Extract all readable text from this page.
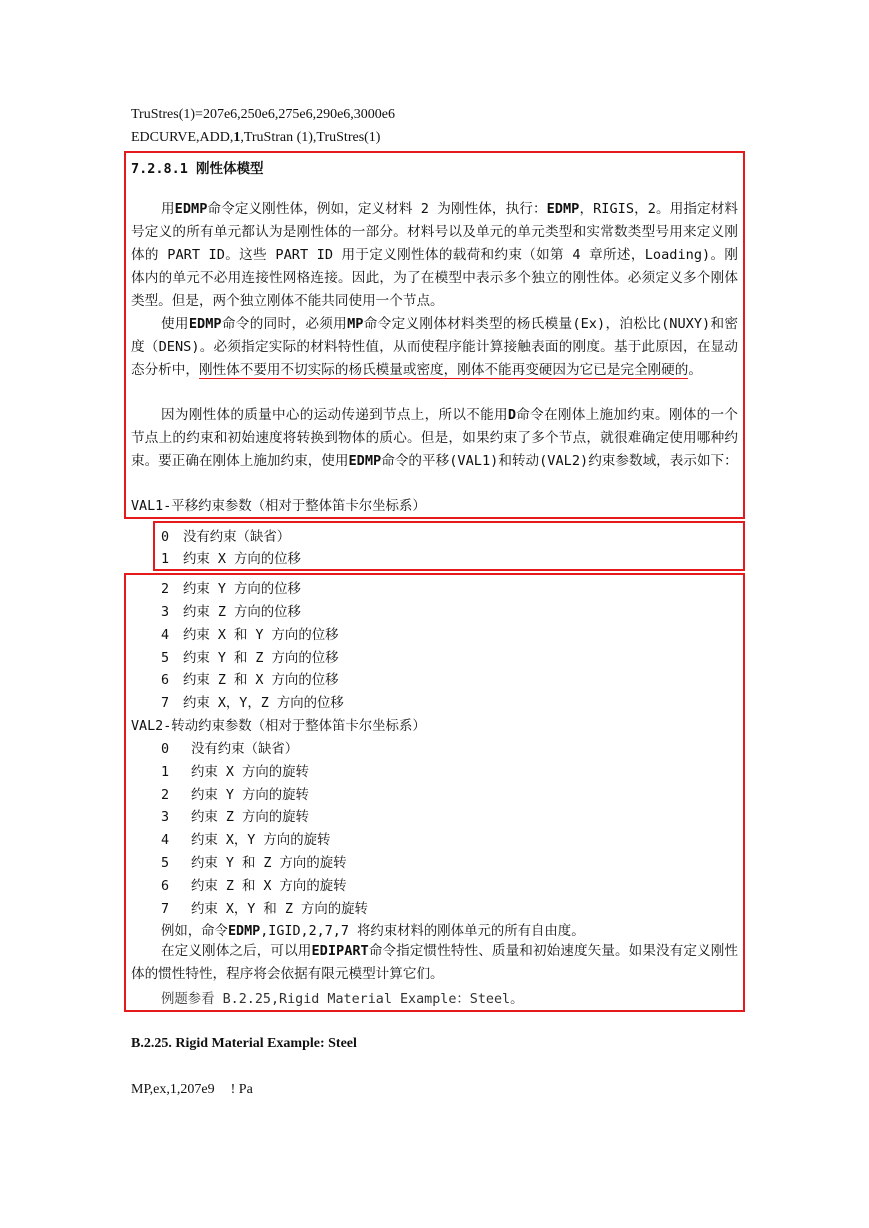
TruStres(1)=207e6,250e6,275e6,290e6,3000e6
EDCURVE,ADD,1,TruStran (1),TruStres(1)
7.2.8.1 刚性体模型
用EDMP命令定义刚性体，例如，定义材料 2 为刚性体，执行：EDMP，RIGIS，2。用指定材料号定义的所有单元都认为是刚性体的一部分。材料号以及单元的单元类型和实常数类型号用来定义刚体的 PART ID。这些 PART ID 用于定义刚性体的载荷和约束（如第 4 章所述，Loading)。刚体内的单元不必用连接性网格连接。因此，为了在模型中表示多个独立的刚性体。必须定义多个刚体类型。但是，两个独立刚体不能共同使用一个节点。
使用EDMP命令的同时，必须用MP命令定义刚体材料类型的杨氏模量(Ex)，泊松比(NUXY)和密度（DENS)。必须指定实际的材料特性值，从而使程序能计算接触表面的刚度。基于此原因，在显动态分析中，刚性体不要用不切实际的杨氏模量或密度，刚体不能再变硬因为它已是完全刚硬的。
因为刚性体的质量中心的运动传递到节点上，所以不能用D命令在刚体上施加约束。刚体的一个节点上的约束和初始速度将转换到物体的质心。但是，如果约束了多个节点，就很难确定使用哪种约束。要正确在刚体上施加约束，使用EDMP命令的平移(VAL1)和转动(VAL2)约束参数域，表示如下：
VAL1-平移约束参数（相对于整体笛卡尔坐标系）
0 没有约束（缺省）
1 约束 X 方向的位移
2 约束 Y 方向的位移
3 约束 Z 方向的位移
4 约束 X 和 Y 方向的位移
5 约束 Y 和 Z 方向的位移
6 约束 Z 和 X 方向的位移
7 约束 X，Y，Z 方向的位移
VAL2-转动约束参数（相对于整体笛卡尔坐标系）
0 没有约束（缺省）
1 约束 X 方向的旋转
2 约束 Y 方向的旋转
3 约束 Z 方向的旋转
4 约束 X，Y 方向的旋转
5 约束 Y 和 Z 方向的旋转
6 约束 Z 和 X 方向的旋转
7 约束 X，Y 和 Z 方向的旋转
例如，命令EDMP,IGID,2,7,7 将约束材料的刚体单元的所有自由度。
在定义刚体之后，可以用EDIPART命令指定惯性特性、质量和初始速度矢量。如果没有定义刚性体的惯性特性，程序将会依据有限元模型计算它们。
例题参看 B.2.25,Rigid Material Example：Steel。
B.2.25. Rigid Material Example: Steel
MP,ex,1,207e9 ! Pa
